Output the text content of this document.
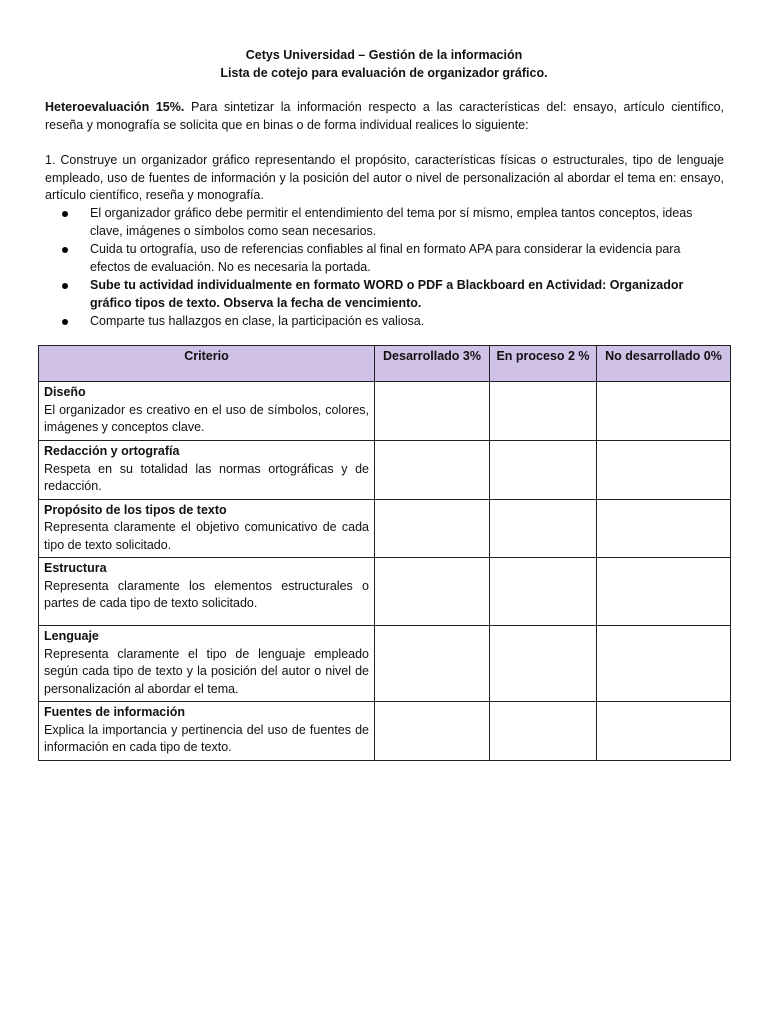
Cetys Universidad – Gestión de la información
Lista de cotejo para evaluación de organizador gráfico.
Heteroevaluación 15%. Para sintetizar la información respecto a las características del: ensayo, artículo científico, reseña y monografía se solicita que en binas o de forma individual realices lo siguiente:
1. Construye un organizador gráfico representando el propósito, características físicas o estructurales, tipo de lenguaje empleado, uso de fuentes de información y la posición del autor o nivel de personalización al abordar el tema en: ensayo, artículo científico, reseña y monografía.
El organizador gráfico debe permitir el entendimiento del tema por sí mismo, emplea tantos conceptos, ideas clave, imágenes o símbolos como sean necesarios.
Cuida tu ortografía, uso de referencias confiables al final en formato APA para considerar la evidencia para efectos de evaluación. No es necesaria la portada.
Sube tu actividad individualmente en formato WORD o PDF a Blackboard en Actividad: Organizador gráfico tipos de texto. Observa la fecha de vencimiento.
Comparte tus hallazgos en clase, la participación es valiosa.
Criterio	Desarrollado 3%	En proceso 2 %	No desarrollado 0%

Diseño
El organizador es creativo en el uso de símbolos, colores, imágenes y conceptos clave.			

Redacción y ortografía
Respeta en su totalidad las normas ortográficas y de redacción.			

Propósito de los tipos de texto
Representa claramente el objetivo comunicativo de cada tipo de texto solicitado.			

Estructura
Representa claramente los elementos estructurales o partes de cada tipo de texto solicitado.			

Lenguaje
Representa claramente el tipo de lenguaje empleado según cada tipo de texto y la posición del autor o nivel de personalización al abordar el tema.			

Fuentes de información
Explica la importancia y pertinencia del uso de fuentes de información en cada tipo de texto.			
